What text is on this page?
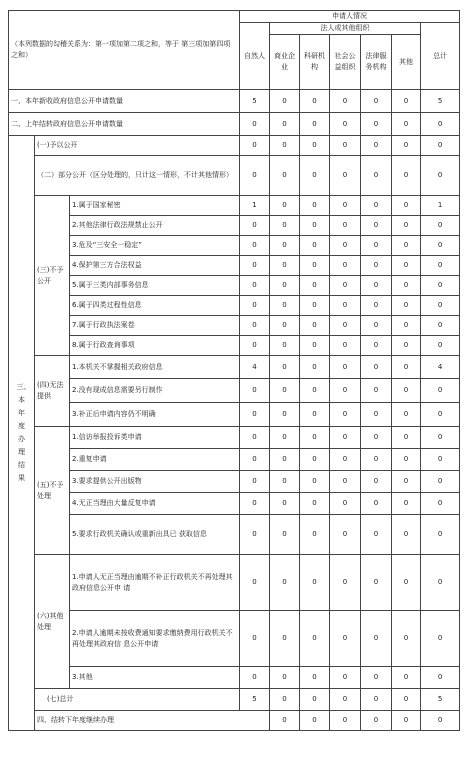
（本列数据的勾稽关系为：第一项加第二项之和，等于 第三项加第四项之和）			申请人情况							
			自然人	法人或其他组织					总计	
				商业企业	科研机构	社会公益组织	法律服务机构	其他		
一、本年新收政府信息公开申请数量			5	0	0	0	0	0	5	
二、上年结转政府信息公开申请数量			0	0	0	0	0	0	0	

三、本年度办理结果	(一)予以公开		0	0	0	0	0	0	0	
	（二）部分公开（区分处理的，只计这一情形，不计其他情形）		0	0	0	0	0	0	0	
	(三)不予公开	1.属于国家秘密	1	0	0	0	0	0	1	
		2.其他法律行政法规禁止公开	0	0	0	0	0	0	0	
		3.危及“三安全一稳定”	0	0	0	0	0	0	0	
		4.保护第三方合法权益	0	0	0	0	0	0	0	
		5.属于三类内部事务信息	0	0	0	0	0	0	0	
		6.属于四类过程性信息	0	0	0	0	0	0	0	
		7.属于行政执法案卷	0	0	0	0	0	0	0	
		8.属于行政查询事项	0	0	0	0	0	0	0	
	(四)无法提供	1.本机关不掌握相关政府信息	4	0	0	0	0	0	4	
		2.没有现成信息需要另行制作	0	0	0	0	0	0	0	
		3.补正后申请内容仍不明确	0	0	0	0	0	0	0	
	(五)不予处理	1.信访举报投诉类申请	0	0	0	0	0	0	0	
		2.重复申请	0	0	0	0	0	0	0	
		3.要求提供公开出版物	0	0	0	0	0	0	0	
		4.无正当理由大量反复申请	0	0	0	0	0	0	0	
		5.要求行政机关确认或重新出具已 获取信息	0	0	0	0	0	0	0	
	(六)其他处理	1.申请人无正当理由逾期不补正行政机关不再处理其政府信息公开申 请	0	0	0	0	0	0	0	
		2.申请人逾期未按收费通知要求缴纳费用行政机关不再处理其政府信 息公开申请	0	0	0	0	0	0	0	
		3.其他	0	0	0	0	0	0	0	
	(七)总计		5	0	0	0	0	0	5	
	四、结转下年度继续办理			0	0	0	0	0	0	
